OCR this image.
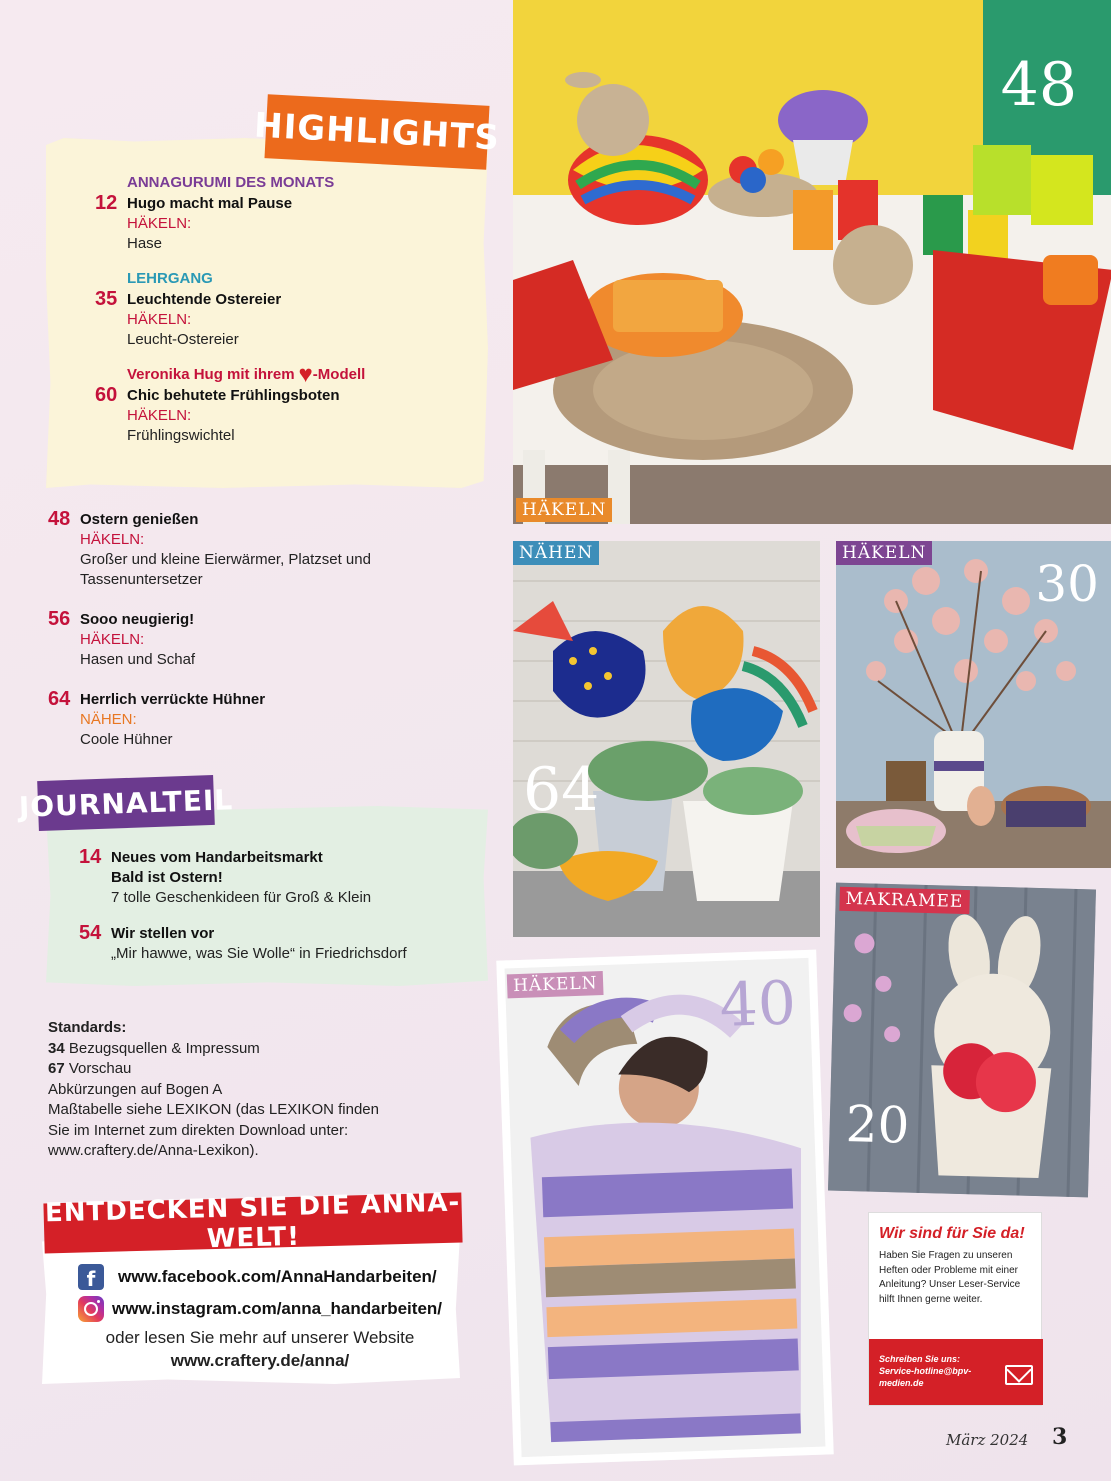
HIGHLIGHTS
ANNAGURUMI DES MONATS
12 Hugo macht mal Pause
HÄKELN:
Hase
LEHRGANG
35 Leuchtende Ostereier
HÄKELN:
Leucht-Ostereier
Veronika Hug mit ihrem ♥ -Modell
60 Chic behutete Frühlingsboten
HÄKELN:
Frühlingswichtel
48 Ostern genießen
HÄKELN:
Großer und kleine Eierwärmer, Platzset und Tassenuntersetzer
56 Sooo neugierig!
HÄKELN:
Hasen und Schaf
64 Herrlich verrückte Hühner
NÄHEN:
Coole Hühner
JOURNALTEIL
14 Neues vom Handarbeitsmarkt
Bald ist Ostern!
7 tolle Geschenkideen für Groß & Klein
54 Wir stellen vor
„Mir hawwe, was Sie Wolle“ in Friedrichsdorf
Standards:
34 Bezugsquellen & Impressum
67 Vorschau
Abkürzungen auf Bogen A
Maßtabelle siehe LEXIKON (das LEXIKON finden
Sie im Internet zum direkten Download unter:
www.craftery.de/Anna-Lexikon).
ENTDECKEN SIE DIE ANNA-WELT!
f	www.facebook.com/AnnaHandarbeiten/
www.instagram.com/anna_handarbeiten/
oder lesen Sie mehr auf unserer Website
www.craftery.de/anna/
48
HÄKELN
64
NÄHEN
30
HÄKELN
20
MAKRAMEE
40
HÄKELN
Wir sind für Sie da!
Haben Sie Fragen zu unseren Heften oder Probleme mit einer Anleitung? Unser Leser-Service hilft Ihnen gerne weiter.
Schreiben Sie uns:
Service-hotline@bpv-medien.de
März 2024 3
